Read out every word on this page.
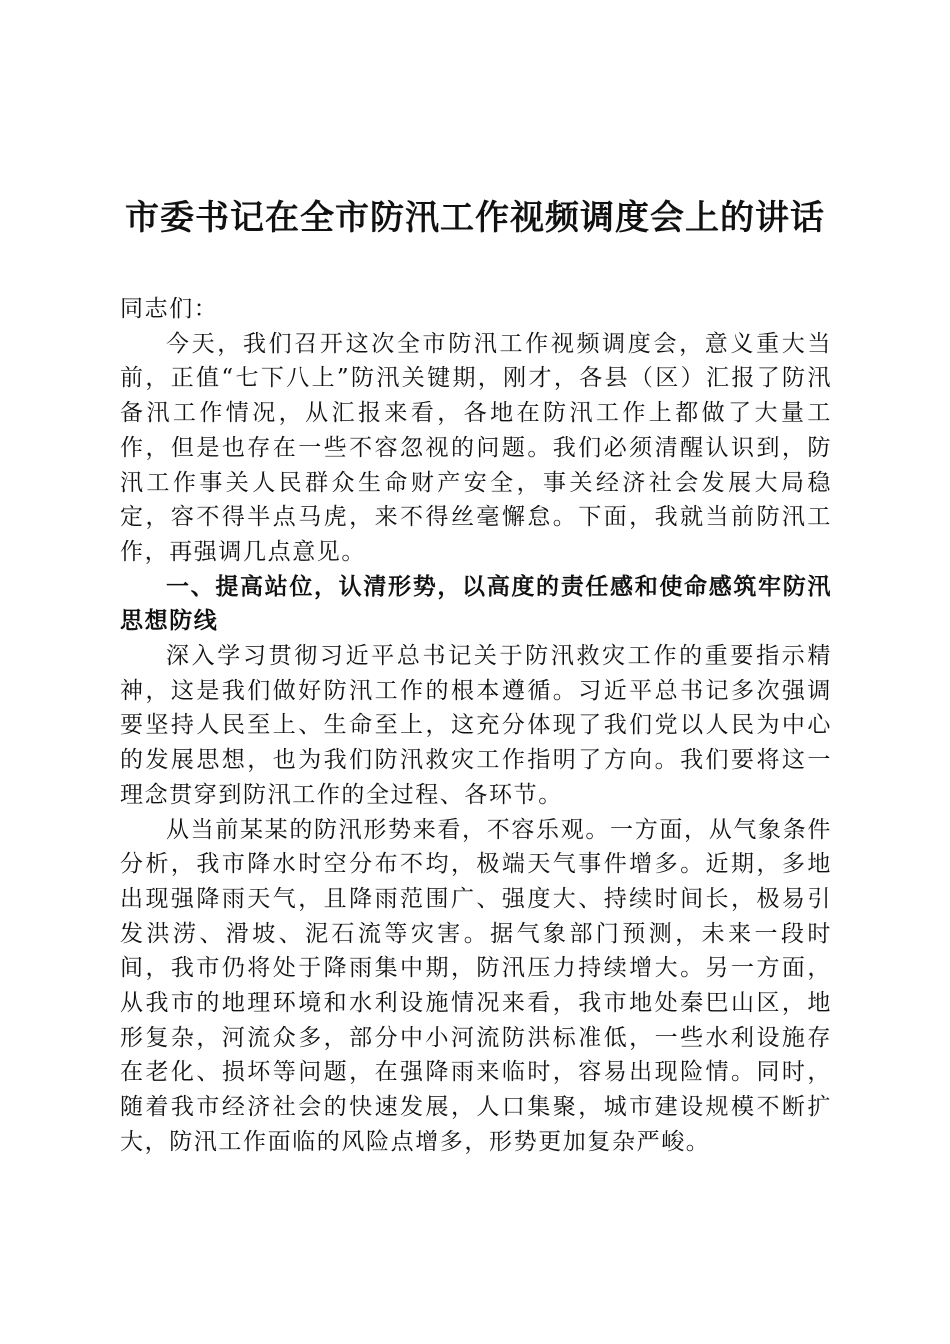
市委书记在全市防汛工作视频调度会上的讲话

同志们：

今天，我们召开这次全市防汛工作视频调度会，意义重大当前，正值“七下八上”防汛关键期，刚才，各县（区）汇报了防汛备汛工作情况，从汇报来看，各地在防汛工作上都做了大量工作，但是也存在一些不容忽视的问题。我们必须清醒认识到，防汛工作事关人民群众生命财产安全，事关经济社会发展大局稳定，容不得半点马虎，来不得丝毫懈怠。下面，我就当前防汛工作，再强调几点意见。

一、提高站位，认清形势，以高度的责任感和使命感筑牢防汛思想防线

深入学习贯彻习近平总书记关于防汛救灾工作的重要指示精神，这是我们做好防汛工作的根本遵循。习近平总书记多次强调要坚持人民至上、生命至上，这充分体现了我们党以人民为中心的发展思想，也为我们防汛救灾工作指明了方向。我们要将这一理念贯穿到防汛工作的全过程、各环节。

从当前某某的防汛形势来看，不容乐观。一方面，从气象条件分析，我市降水时空分布不均，极端天气事件增多。近期，多地出现强降雨天气，且降雨范围广、强度大、持续时间长，极易引发洪涝、滑坡、泥石流等灾害。据气象部门预测，未来一段时间，我市仍将处于降雨集中期，防汛压力持续增大。另一方面，从我市的地理环境和水利设施情况来看，我市地处秦巴山区，地形复杂，河流众多，部分中小河流防洪标准低，一些水利设施存在老化、损坏等问题，在强降雨来临时，容易出现险情。同时，随着我市经济社会的快速发展，人口集聚，城市建设规模不断扩大，防汛工作面临的风险点增多，形势更加复杂严峻。
